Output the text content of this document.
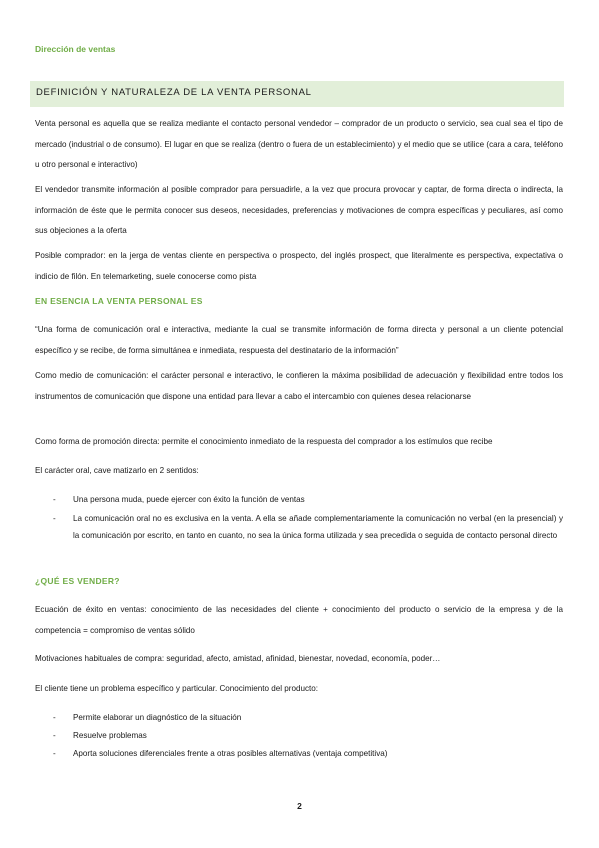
Dirección de ventas
DEFINICIÓN Y NATURALEZA DE LA VENTA PERSONAL
Venta personal es aquella que se realiza mediante el contacto personal vendedor – comprador de un producto o servicio, sea cual sea el tipo de mercado (industrial o de consumo). El lugar en que se realiza (dentro o fuera de un establecimiento) y el medio que se utilice (cara a cara, teléfono u otro personal e interactivo)
El vendedor transmite información al posible comprador para persuadirle, a la vez que procura provocar y captar, de forma directa o indirecta, la información de éste que le permita conocer sus deseos, necesidades, preferencias y motivaciones de compra específicas y peculiares, así como sus objeciones a la oferta
Posible comprador: en la jerga de ventas cliente en perspectiva o prospecto, del inglés prospect, que literalmente es perspectiva, expectativa o indicio de filón. En telemarketing, suele conocerse como pista
EN ESENCIA LA VENTA PERSONAL ES
“Una forma de comunicación oral e interactiva, mediante la cual se transmite información de forma directa y personal a un cliente potencial específico y se recibe, de forma simultánea e inmediata, respuesta del destinatario de la información”
Como medio de comunicación: el carácter personal e interactivo, le confieren la máxima posibilidad de adecuación y flexibilidad entre todos los instrumentos de comunicación que dispone una entidad para llevar a cabo el intercambio con quienes desea relacionarse
Como forma de promoción directa: permite el conocimiento inmediato de la respuesta del comprador a los estímulos que recibe
El carácter oral, cave matizarlo en 2 sentidos:
- Una persona muda, puede ejercer con éxito la función de ventas
- La comunicación oral no es exclusiva en la venta. A ella se añade complementariamente la comunicación no verbal (en la presencial) y la comunicación por escrito, en tanto en cuanto, no sea la única forma utilizada y sea precedida o seguida de contacto personal directo
¿QUÉ ES VENDER?
Ecuación de éxito en ventas: conocimiento de las necesidades del cliente + conocimiento del producto o servicio de la empresa y de la competencia = compromiso de ventas sólido
Motivaciones habituales de compra: seguridad, afecto, amistad, afinidad, bienestar, novedad, economía, poder…
El cliente tiene un problema específico y particular. Conocimiento del producto:
- Permite elaborar un diagnóstico de la situación
- Resuelve problemas
- Aporta soluciones diferenciales frente a otras posibles alternativas (ventaja competitiva)
2
